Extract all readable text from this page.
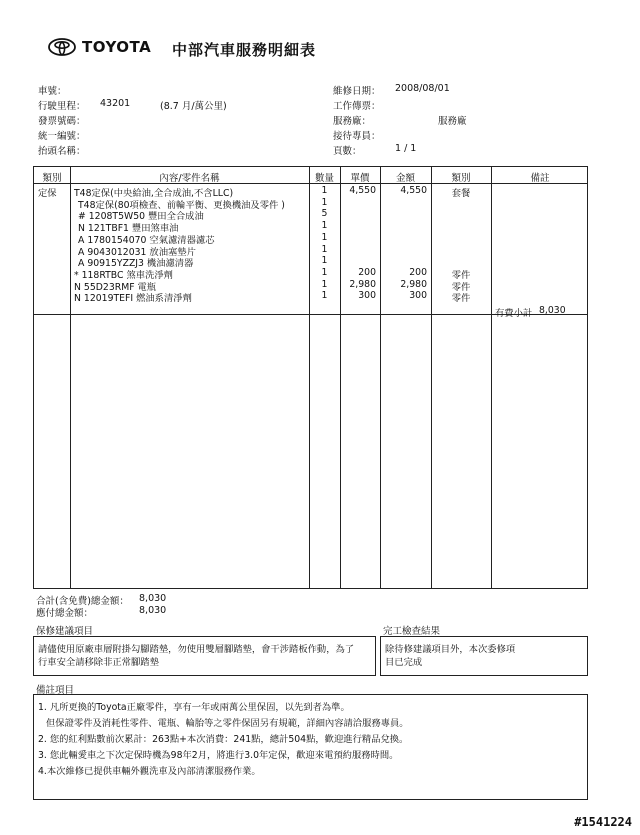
TOYOTA 中部汽車服務明細表
車號：
行駛里程： 43201	(8.7 月/萬公里)
發票號碼：
統一編號：
抬頭名稱：
維修日期： 2008/08/01
工作傳票：
服務廠：	服務廠
接待專員：
頁數：	1 / 1
類別	內容/零件名稱	數量	單價	金額	類別	備註
定保 T48定保(中央給油,全合成油,不含LLC)	1	4,550	4,550	套餐
T48定保(80項檢查、前輪平衡、更換機油及零件 )	1
# 1208T5W50 豐田全合成油	5
N 121TBF1 豐田煞車油	1
A 1780154070 空氣濾清器濾芯	1
A 9043012031 放油塞墊片	1
A 90915YZZJ3 機油濾清器	1
* 118RTBC 煞車洗淨劑	1	200	200	零件
N 55D23RMF 電瓶	1	2,980	2,980	零件
N 12019TEFI 燃油系清淨劑	1	300	300	零件
有費小計 8,030
合計(含免費)總金額： 8,030
應付總金額：	8,030
保修建議項目
請儘使用原廠車層附掛勾腳踏墊，勿使用雙層腳踏墊，會干涉踏板作動，為了
行車安全請移除非正常腳踏墊
完工檢查結果
除待修建議項目外，本次委修項
目已完成
備註項目
1. 凡所更換的Toyota正廠零件，享有一年或兩萬公里保固，以先到者為準。
但保證零件及消耗性零件、電瓶、輪胎等之零件保固另有規範，詳細內容請洽服務專員。
2. 您的紅利點數前次累計：263點+本次消費：241點，總計504點，歡迎進行精品兌換。
3. 您此輛愛車之下次定保時機為98年2月，將進行3.0年定保，歡迎來電預約服務時間。
4.本次維修已提供車輛外觀洗車及內部清潔服務作業。
#1541224
